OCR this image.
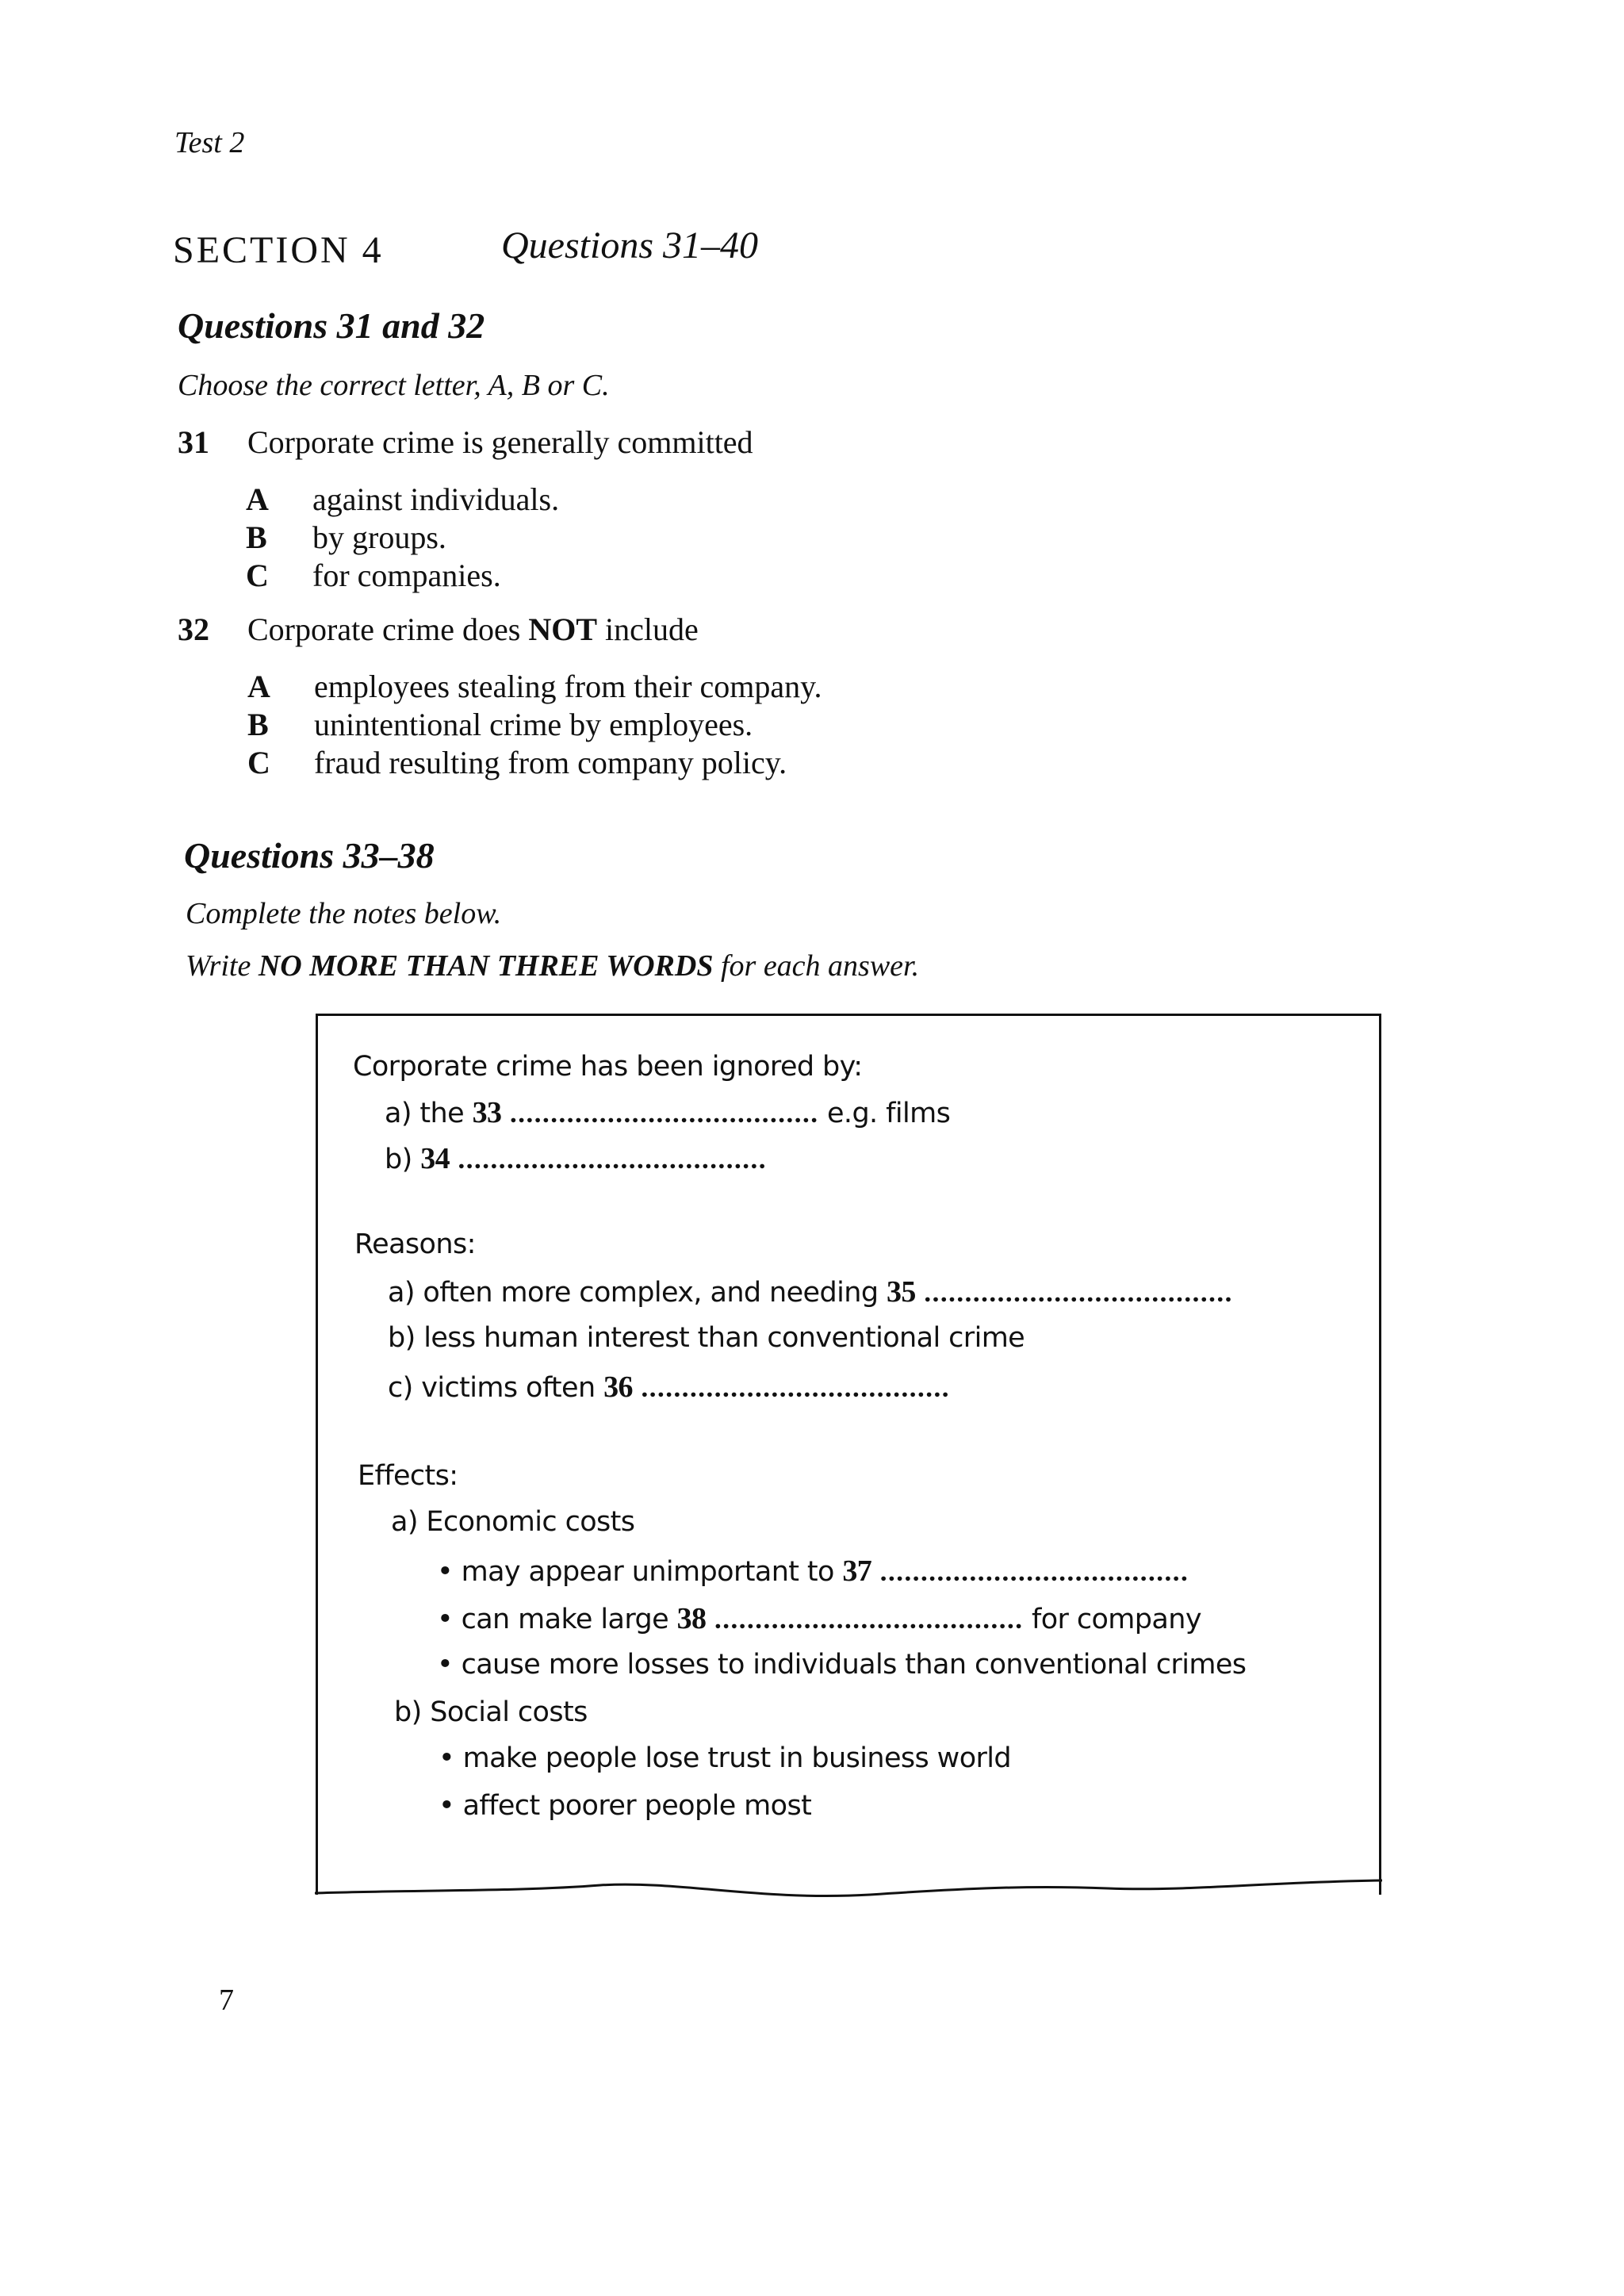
Test 2
SECTION 4	Questions 31–40
Questions 31 and 32
Choose the correct letter, A, B or C.
31 Corporate crime is generally committed
A against individuals.
B by groups.
C for companies.
32 Corporate crime does NOT include
A employees stealing from their company.
B unintentional crime by employees.
C fraud resulting from company policy.
Questions 33–38
Complete the notes below.
Write NO MORE THAN THREE WORDS for each answer.
Corporate crime has been ignored by:
a) the 33 ...................................... e.g. films
b) 34 ......................................
Reasons:
a) often more complex, and needing 35 ......................................
b) less human interest than conventional crime
c) victims often 36 ......................................
Effects:
a) Economic costs
• may appear unimportant to 37 ......................................
• can make large 38 ...................................... for company
• cause more losses to individuals than conventional crimes
b) Social costs
• make people lose trust in business world
• affect poorer people most
7
